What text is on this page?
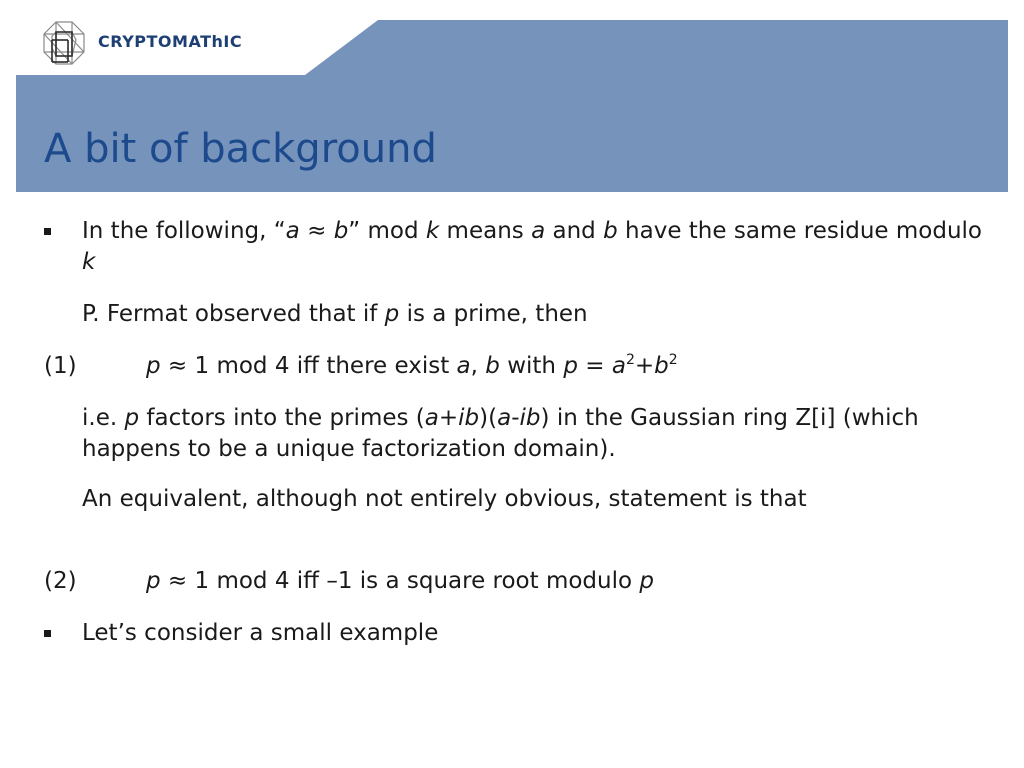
CRYPTOMAThIC
A bit of background
In the following, “a ≈ b” mod k means a and b have the same residue modulo k
P. Fermat observed that if p is a prime, then
(1)	p ≈ 1 mod 4 iff there exist a, b with $p = a^2+b^2$
i.e. p factors into the primes (a+ib)(a-ib) in the Gaussian ring Z[i] (which happens to be a unique factorization domain).
An equivalent, although not entirely obvious, statement is that
(2)	p ≈ 1 mod 4 iff –1 is a square root modulo p
Let’s consider a small example
